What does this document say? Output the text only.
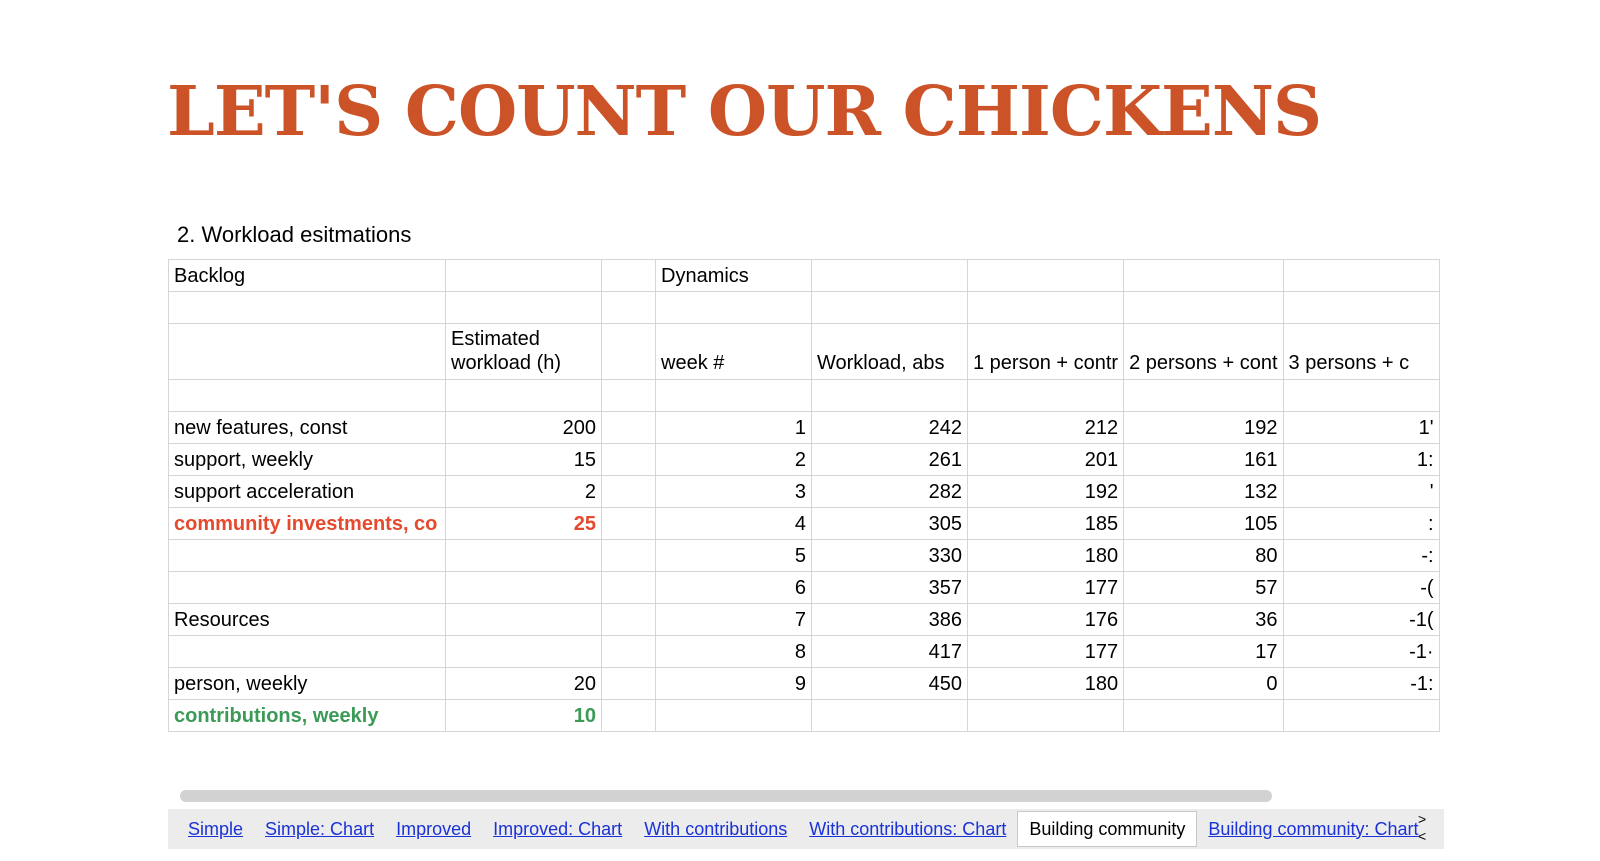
LET'S COUNT OUR CHICKENS
2. Workload esitmations
Backlog			Dynamics				

	Estimated workload (h)		week #	Workload, abs	1 person + contr	2 persons + cont	3 persons + c

new features, const	200		1	242	212	192	1'
support, weekly	15		2	261	201	161	1:
support acceleration	2		3	282	192	132	'
community investments, co	25		4	305	185	105	:
			5	330	180	80	-:
			6	357	177	57	-(
Resources			7	386	176	36	-1(
			8	417	177	17	-1·
person, weekly	20		9	450	180	0	-1:
contributions, weekly	10						
Simple	Simple: Chart	Improved	Improved: Chart	With contributions	With contributions: Chart	Building community	Building community: Chart >
<
